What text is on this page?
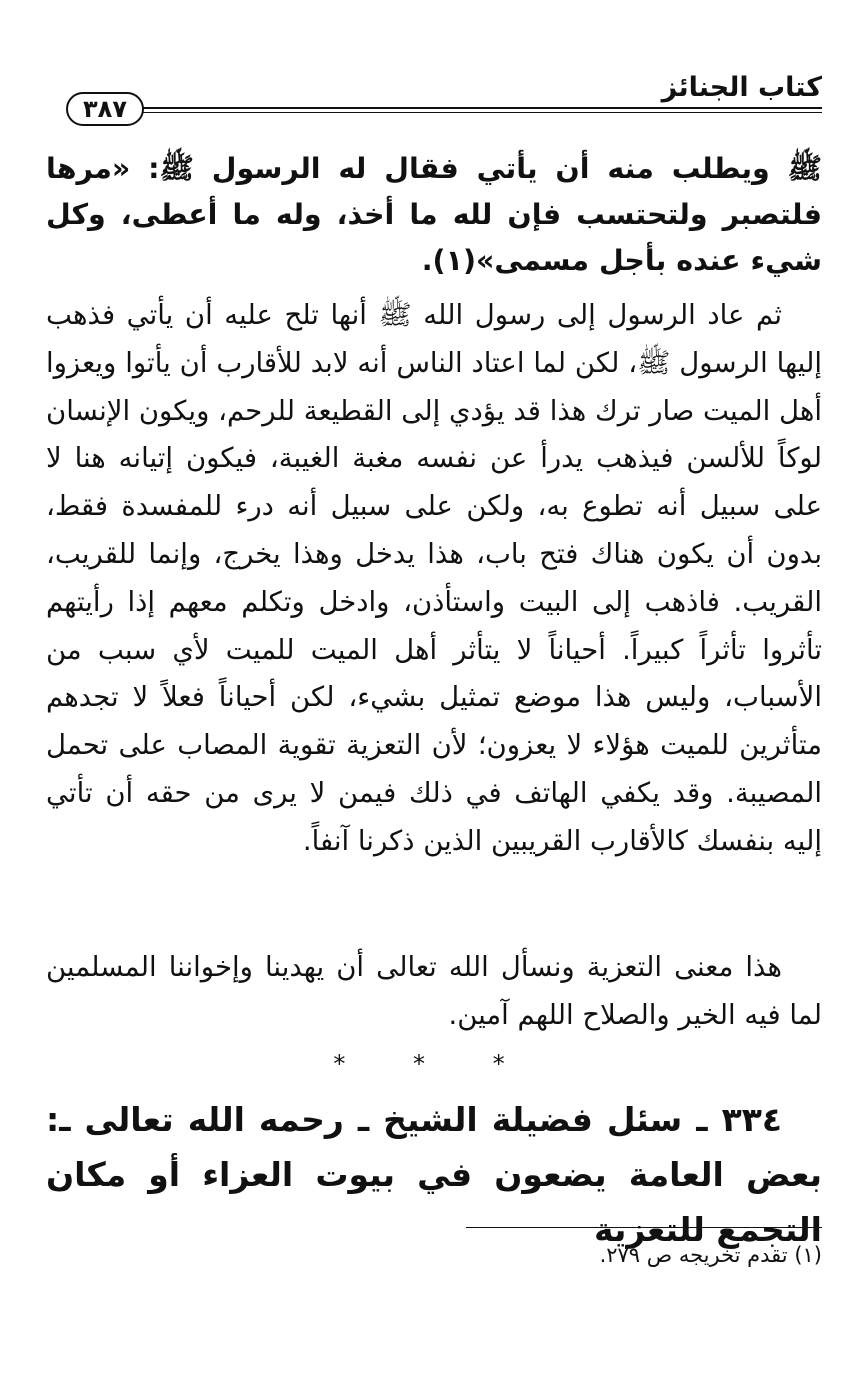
كتاب الجنائز
٣٨٧

ﷺ ويطلب منه أن يأتي فقال له الرسول ﷺ: «مرها فلتصبر ولتحتسب فإن لله ما أخذ، وله ما أعطى، وكل شيء عنده بأجل مسمى»(١).

ثم عاد الرسول إلى رسول الله ﷺ أنها تلح عليه أن يأتي فذهب إليها الرسول ﷺ، لكن لما اعتاد الناس أنه لابد للأقارب أن يأتوا ويعزوا أهل الميت صار ترك هذا قد يؤدي إلى القطيعة للرحم، ويكون الإنسان لوكاً للألسن فيذهب يدرأ عن نفسه مغبة الغيبة، فيكون إتيانه هنا لا على سبيل أنه تطوع به، ولكن على سبيل أنه درء للمفسدة فقط، بدون أن يكون هناك فتح باب، هذا يدخل وهذا يخرج، وإنما للقريب، القريب. فاذهب إلى البيت واستأذن، وادخل وتكلم معهم إذا رأيتهم تأثروا تأثراً كبيراً. أحياناً لا يتأثر أهل الميت للميت لأي سبب من الأسباب، وليس هذا موضع تمثيل بشيء، لكن أحياناً فعلاً لا تجدهم متأثرين للميت هؤلاء لا يعزون؛ لأن التعزية تقوية المصاب على تحمل المصيبة. وقد يكفي الهاتف في ذلك فيمن لا يرى من حقه أن تأتي إليه بنفسك كالأقارب القريبين الذين ذكرنا آنفاً.

هذا معنى التعزية ونسأل الله تعالى أن يهدينا وإخواننا المسلمين لما فيه الخير والصلاح اللهم آمين.

* * *

٣٣٤ ـ سئل فضيلة الشيخ ـ رحمه الله تعالى ـ: بعض العامة يضعون في بيوت العزاء أو مكان التجمع للتعزية

(١) تقدم تخريجه ص ٢٧٩.
